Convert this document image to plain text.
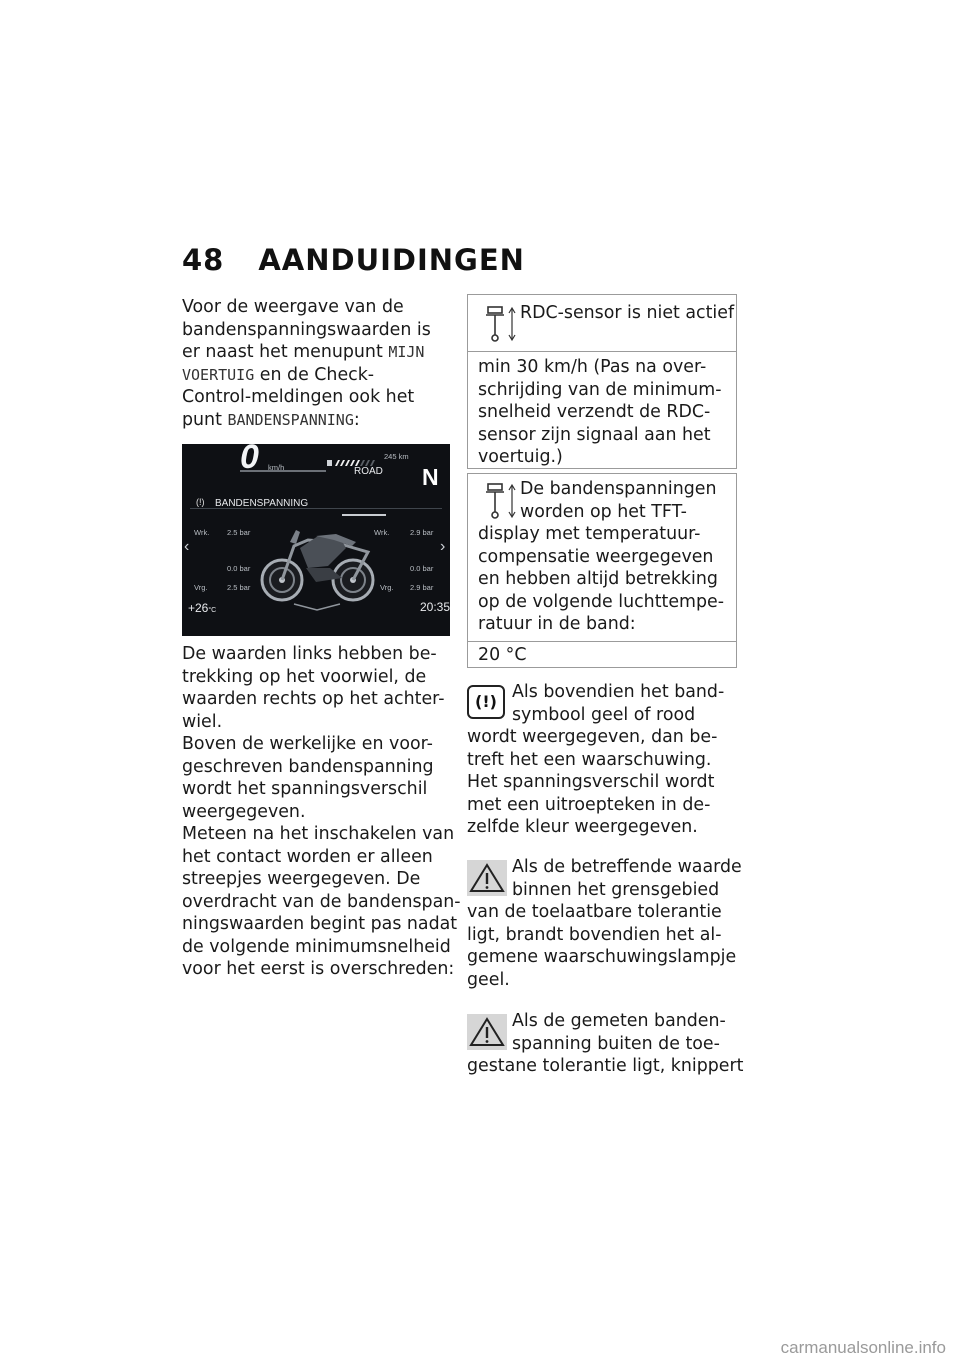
48 AANDUIDINGEN
Voor de weergave van de
bandenspanningswaarden is
er naast het menupunt MIJN
VOERTUIG en de Check-
Control-meldingen ook het
punt BANDENSPANNING:
0 km/h
245 km
ROAD N
(!) BANDENSPANNING
‹	›
Wrk. 2.5 bar
0.0 bar
Vrg.	2.5 bar
Wrk.	2.9 bar
0.0 bar
Vrg. 2.9 bar
+26°C	20:35
De waarden links hebben be-
trekking op het voorwiel, de
waarden rechts op het achter-
wiel.
Boven de werkelijke en voor-
geschreven bandenspanning
wordt het spanningsverschil
weergegeven.
Meteen na het inschakelen van
het contact worden er alleen
streepjes weergegeven. De
overdracht van de bandenspan-
ningswaarden begint pas nadat
de volgende minimumsnelheid
voor het eerst is overschreden:
RDC-sensor is niet actief
min 30 km/h (Pas na over-
schrijding van de minimum-
snelheid verzendt de RDC-
sensor zijn signaal aan het
voertuig.)
De bandenspanningen
worden op het TFT-
display met temperatuur-
compensatie weergegeven
en hebben altijd betrekking
op de volgende luchttempe-
ratuur in de band:
20 °C
(!) Als bovendien het band-
symbool geel of rood
wordt weergegeven, dan be-
treft het een waarschuwing.
Het spanningsverschil wordt
met een uitroepteken in de-
zelfde kleur weergegeven.
Als de betreffende waarde
binnen het grensgebied
van de toelaatbare tolerantie
ligt, brandt bovendien het al-
gemene waarschuwingslampje
geel.
Als de gemeten banden-
spanning buiten de toe-
gestane tolerantie ligt, knippert
carmanualsonline.info
